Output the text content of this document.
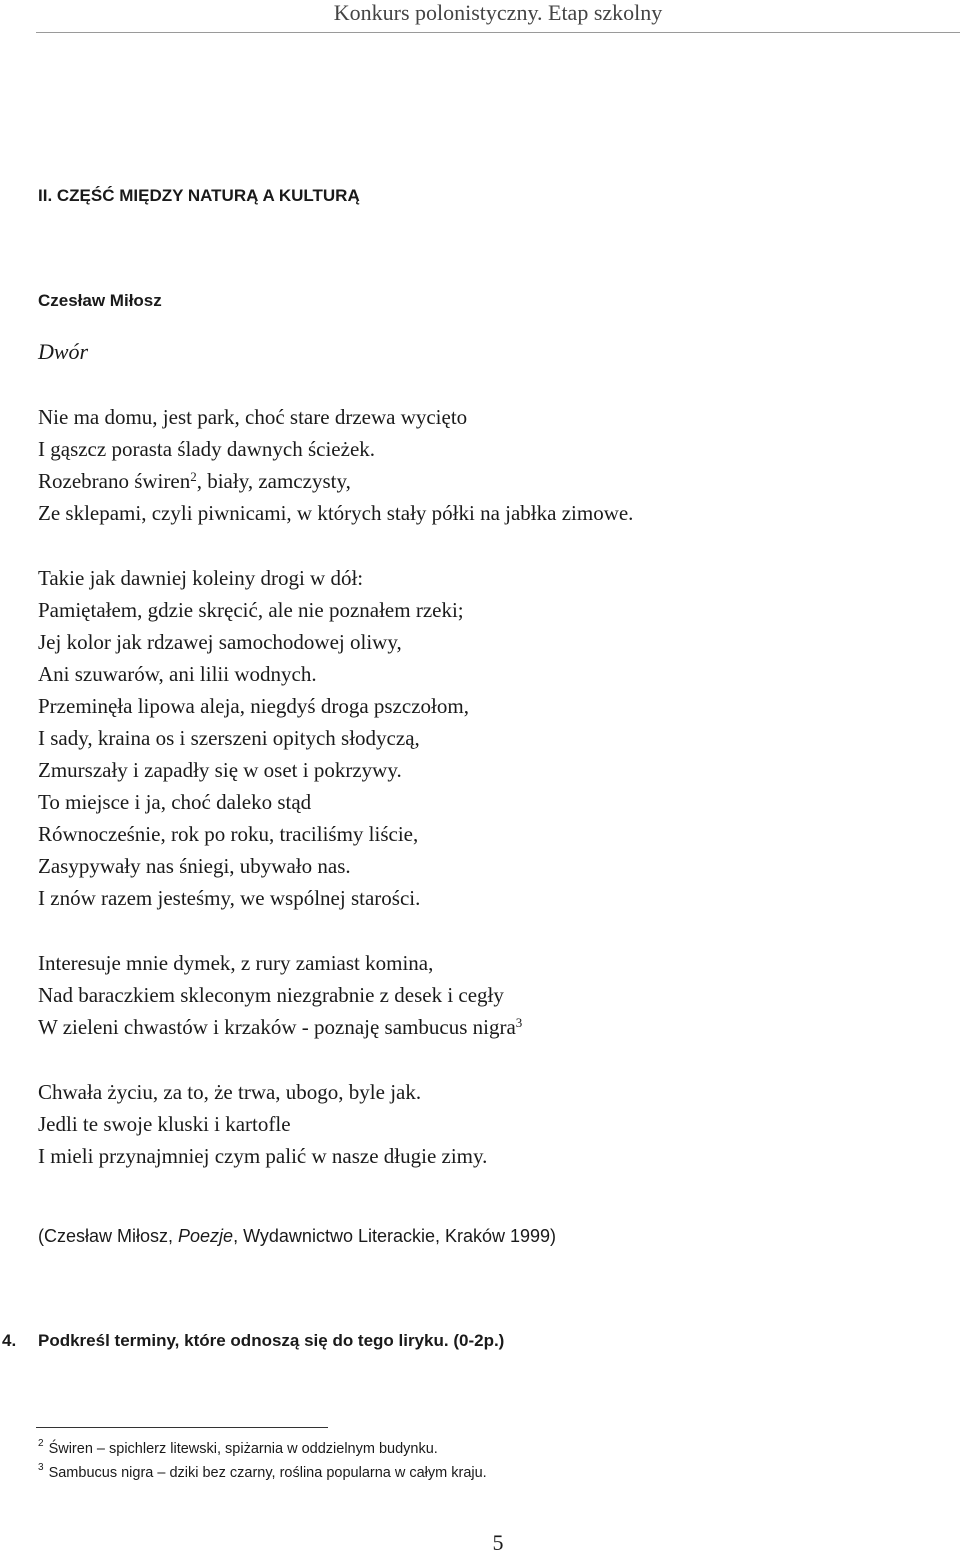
Konkurs polonistyczny. Etap szkolny
II. CZĘŚĆ MIĘDZY NATURĄ A KULTURĄ
Czesław Miłosz
Dwór
Nie ma domu, jest park, choć stare drzewa wycięto
I gąszcz porasta ślady dawnych ścieżek.
Rozebrano świren$^2$, biały, zamczysty,
Ze sklepami, czyli piwnicami, w których stały półki na jabłka zimowe.
Takie jak dawniej koleiny drogi w dół:
Pamiętałem, gdzie skręcić, ale nie poznałem rzeki;
Jej kolor jak rdzawej samochodowej oliwy,
Ani szuwarów, ani lilii wodnych.
Przeminęła lipowa aleja, niegdyś droga pszczołom,
I sady, kraina os i szerszeni opitych słodyczą,
Zmurszały i zapadły się w oset i pokrzywy.
To miejsce i ja, choć daleko stąd
Równocześnie, rok po roku, traciliśmy liście,
Zasypywały nas śniegi, ubywało nas.
I znów razem jesteśmy, we wspólnej starości.
Interesuje mnie dymek, z rury zamiast komina,
Nad baraczkiem skleconym niezgrabnie z desek i cegły
W zieleni chwastów i krzaków - poznaję sambucus nigra$^3$
Chwała życiu, za to, że trwa, ubogo, byle jak.
Jedli te swoje kluski i kartofle
I mieli przynajmniej czym palić w nasze długie zimy.
(Czesław Miłosz, Poezje, Wydawnictwo Literackie, Kraków 1999)
4. Podkreśl terminy, które odnoszą się do tego liryku. (0-2p.)
$^2$ Świren – spichlerz litewski, spiżarnia w oddzielnym budynku.
$^3$ Sambucus nigra – dziki bez czarny, roślina popularna w całym kraju.
5
